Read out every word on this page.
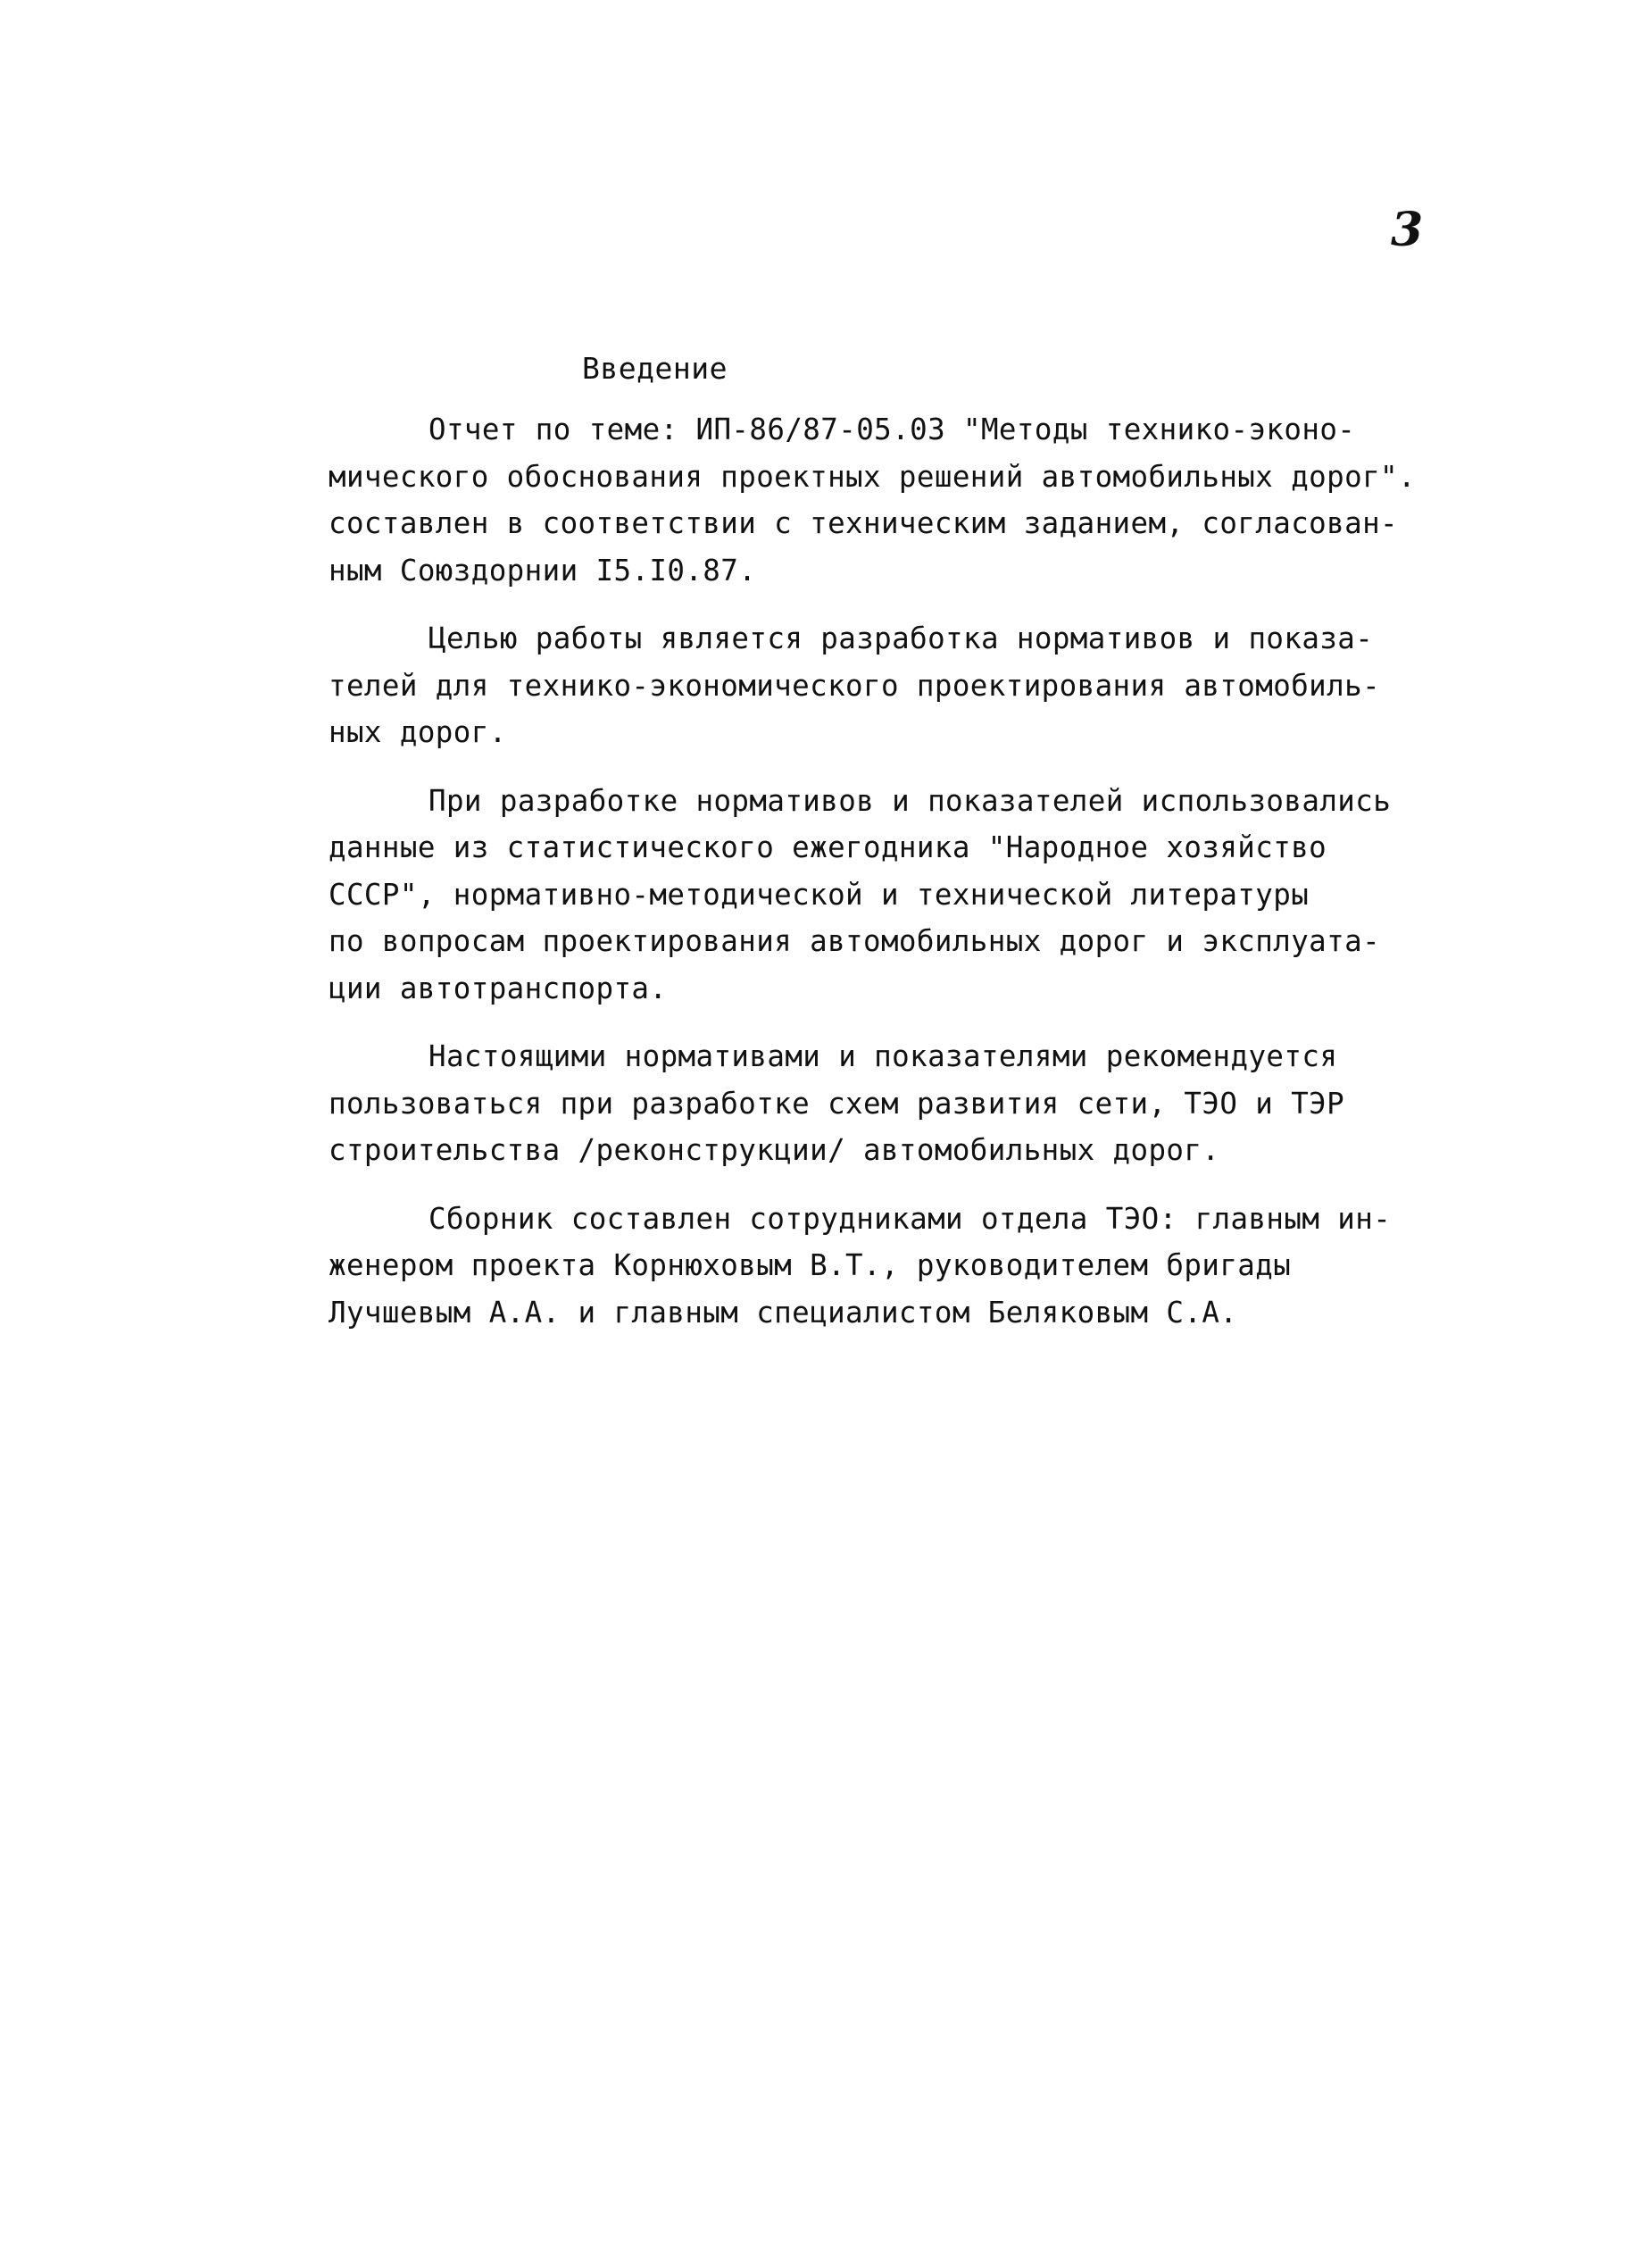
3
Введение
Отчет по теме: ИП-86/87-05.03 "Методы технико-эконо-
мического обоснования проектных решений автомобильных дорог".
составлен в соответствии с техническим заданием, согласован-
ным Союздорнии I5.I0.87.
Целью работы является разработка нормативов и показа-
телей для технико-экономического проектирования автомобиль-
ных дорог.
При разработке нормативов и показателей использовались
данные из статистического ежегодника "Народное хозяйство
СССР", нормативно-методической и технической литературы
по вопросам проектирования автомобильных дорог и эксплуата-
ции автотранспорта.
Настоящими нормативами и показателями рекомендуется
пользоваться при разработке схем развития сети, ТЭО и ТЭР
строительства /реконструкции/ автомобильных дорог.
Сборник составлен сотрудниками отдела ТЭО: главным ин-
женером проекта Корнюховым В.Т., руководителем бригады
Лучшевым А.А. и главным специалистом Беляковым С.А.
